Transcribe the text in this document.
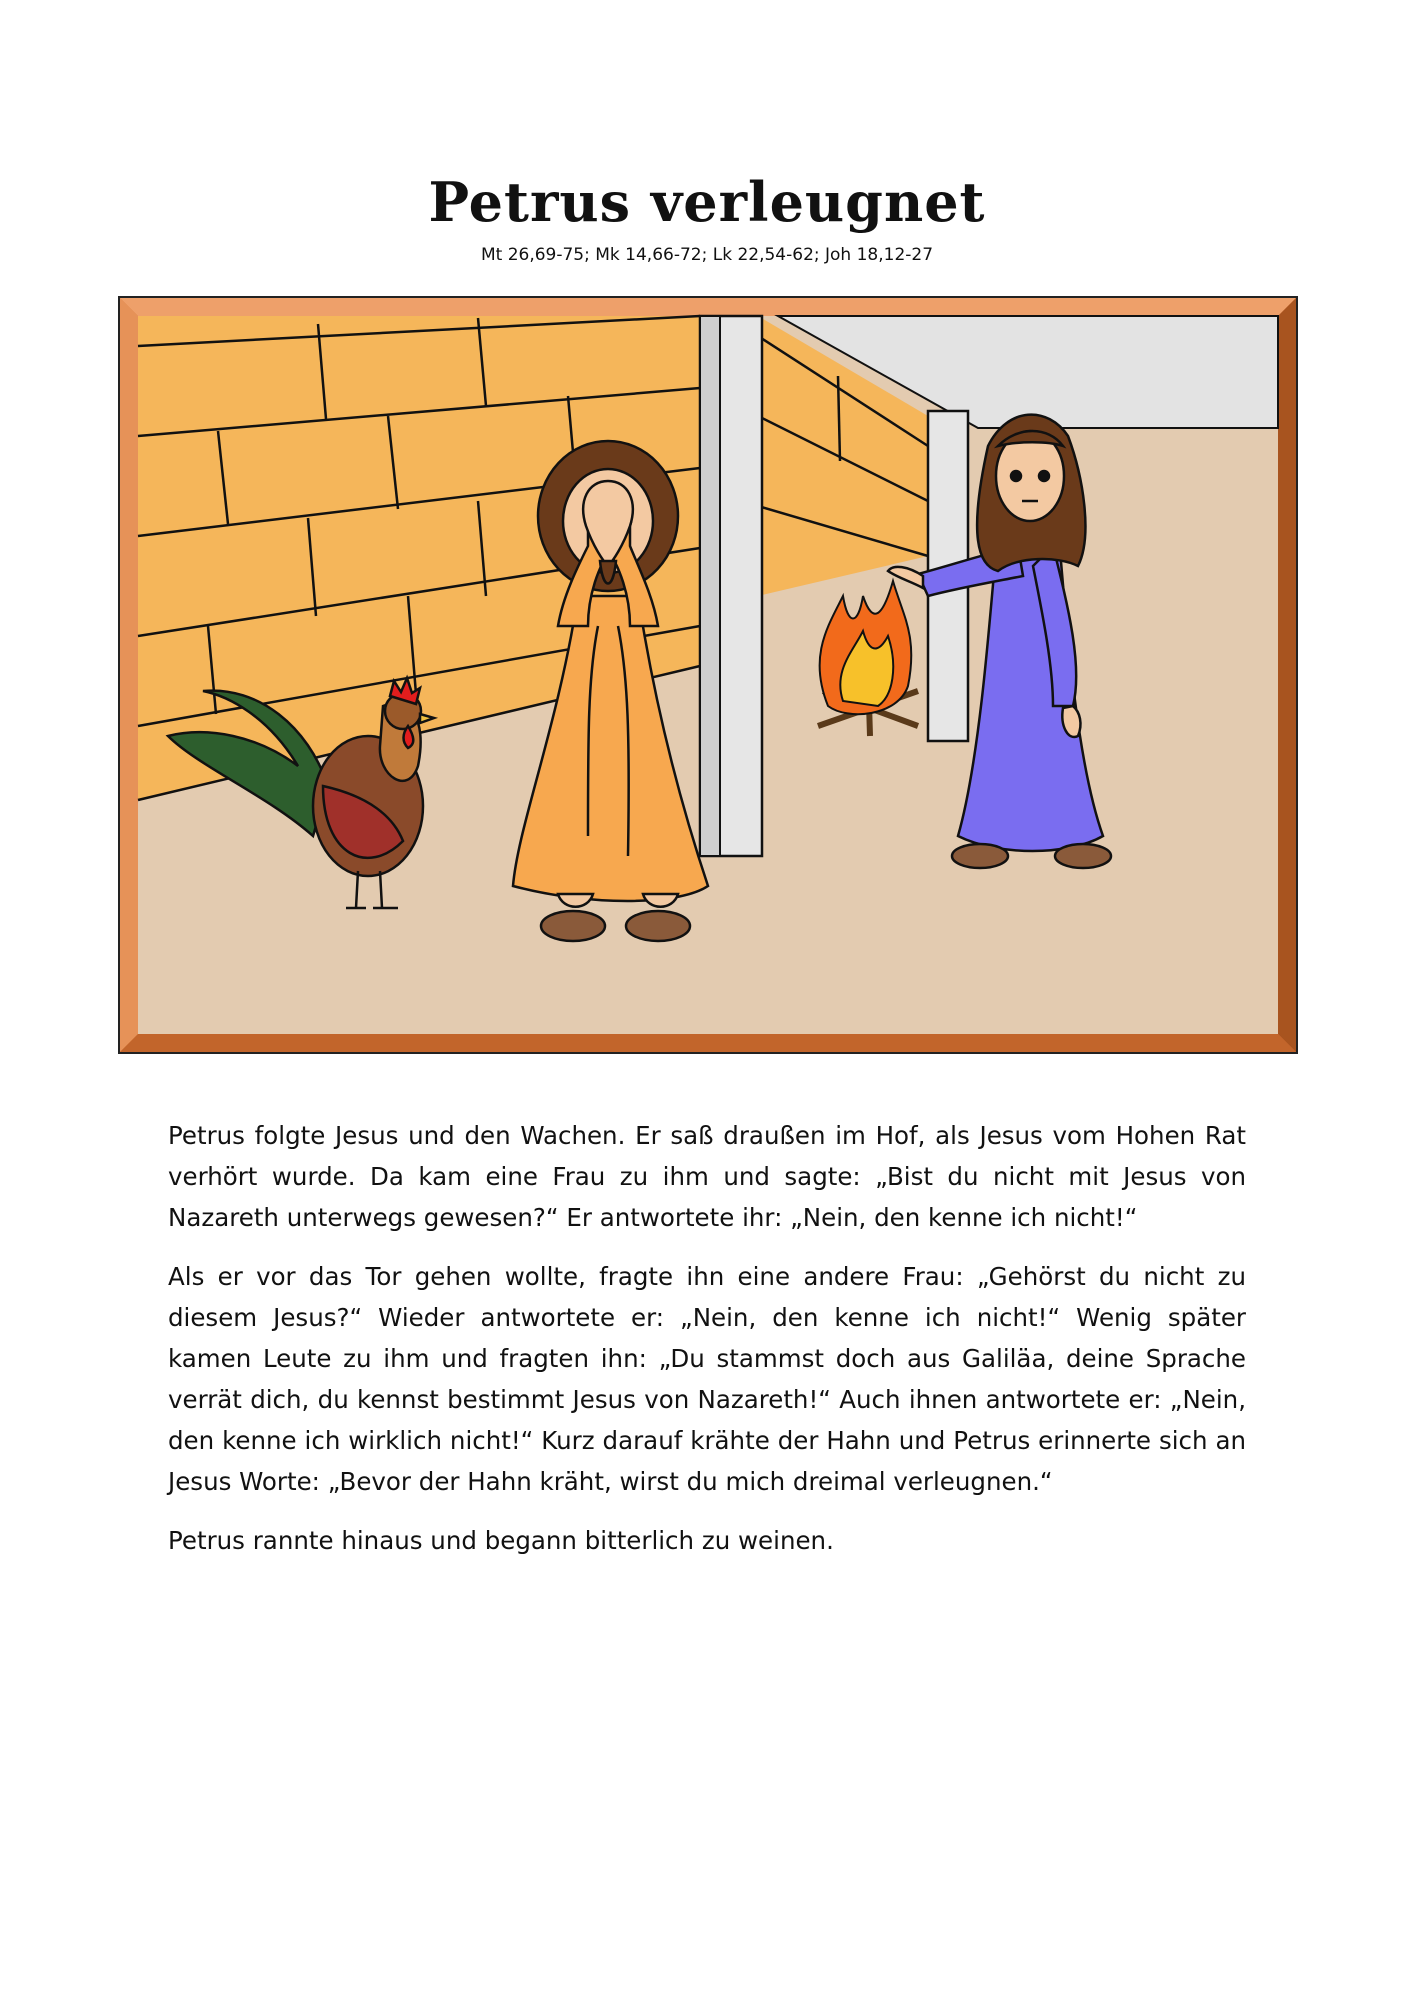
Petrus verleugnet
Mt 26,69-75; Mk 14,66-72; Lk 22,54-62; Joh 18,12-27

Petrus folgte Jesus und den Wachen. Er saß draußen im Hof, als Jesus vom Hohen Rat verhört wurde. Da kam eine Frau zu ihm und sagte: „Bist du nicht mit Jesus von Nazareth unterwegs gewesen?“ Er antwortete ihr: „Nein, den kenne ich nicht!“

Als er vor das Tor gehen wollte, fragte ihn eine andere Frau: „Gehörst du nicht zu diesem Jesus?“ Wieder antwortete er: „Nein, den kenne ich nicht!“ Wenig später kamen Leute zu ihm und fragten ihn: „Du stammst doch aus Galiläa, deine Sprache verrät dich, du kennst bestimmt Jesus von Nazareth!“ Auch ihnen antwortete er: „Nein, den kenne ich wirklich nicht!“ Kurz darauf krähte der Hahn und Petrus erinnerte sich an Jesus Worte: „Bevor der Hahn kräht, wirst du mich dreimal verleugnen.“

Petrus rannte hinaus und begann bitterlich zu weinen.
